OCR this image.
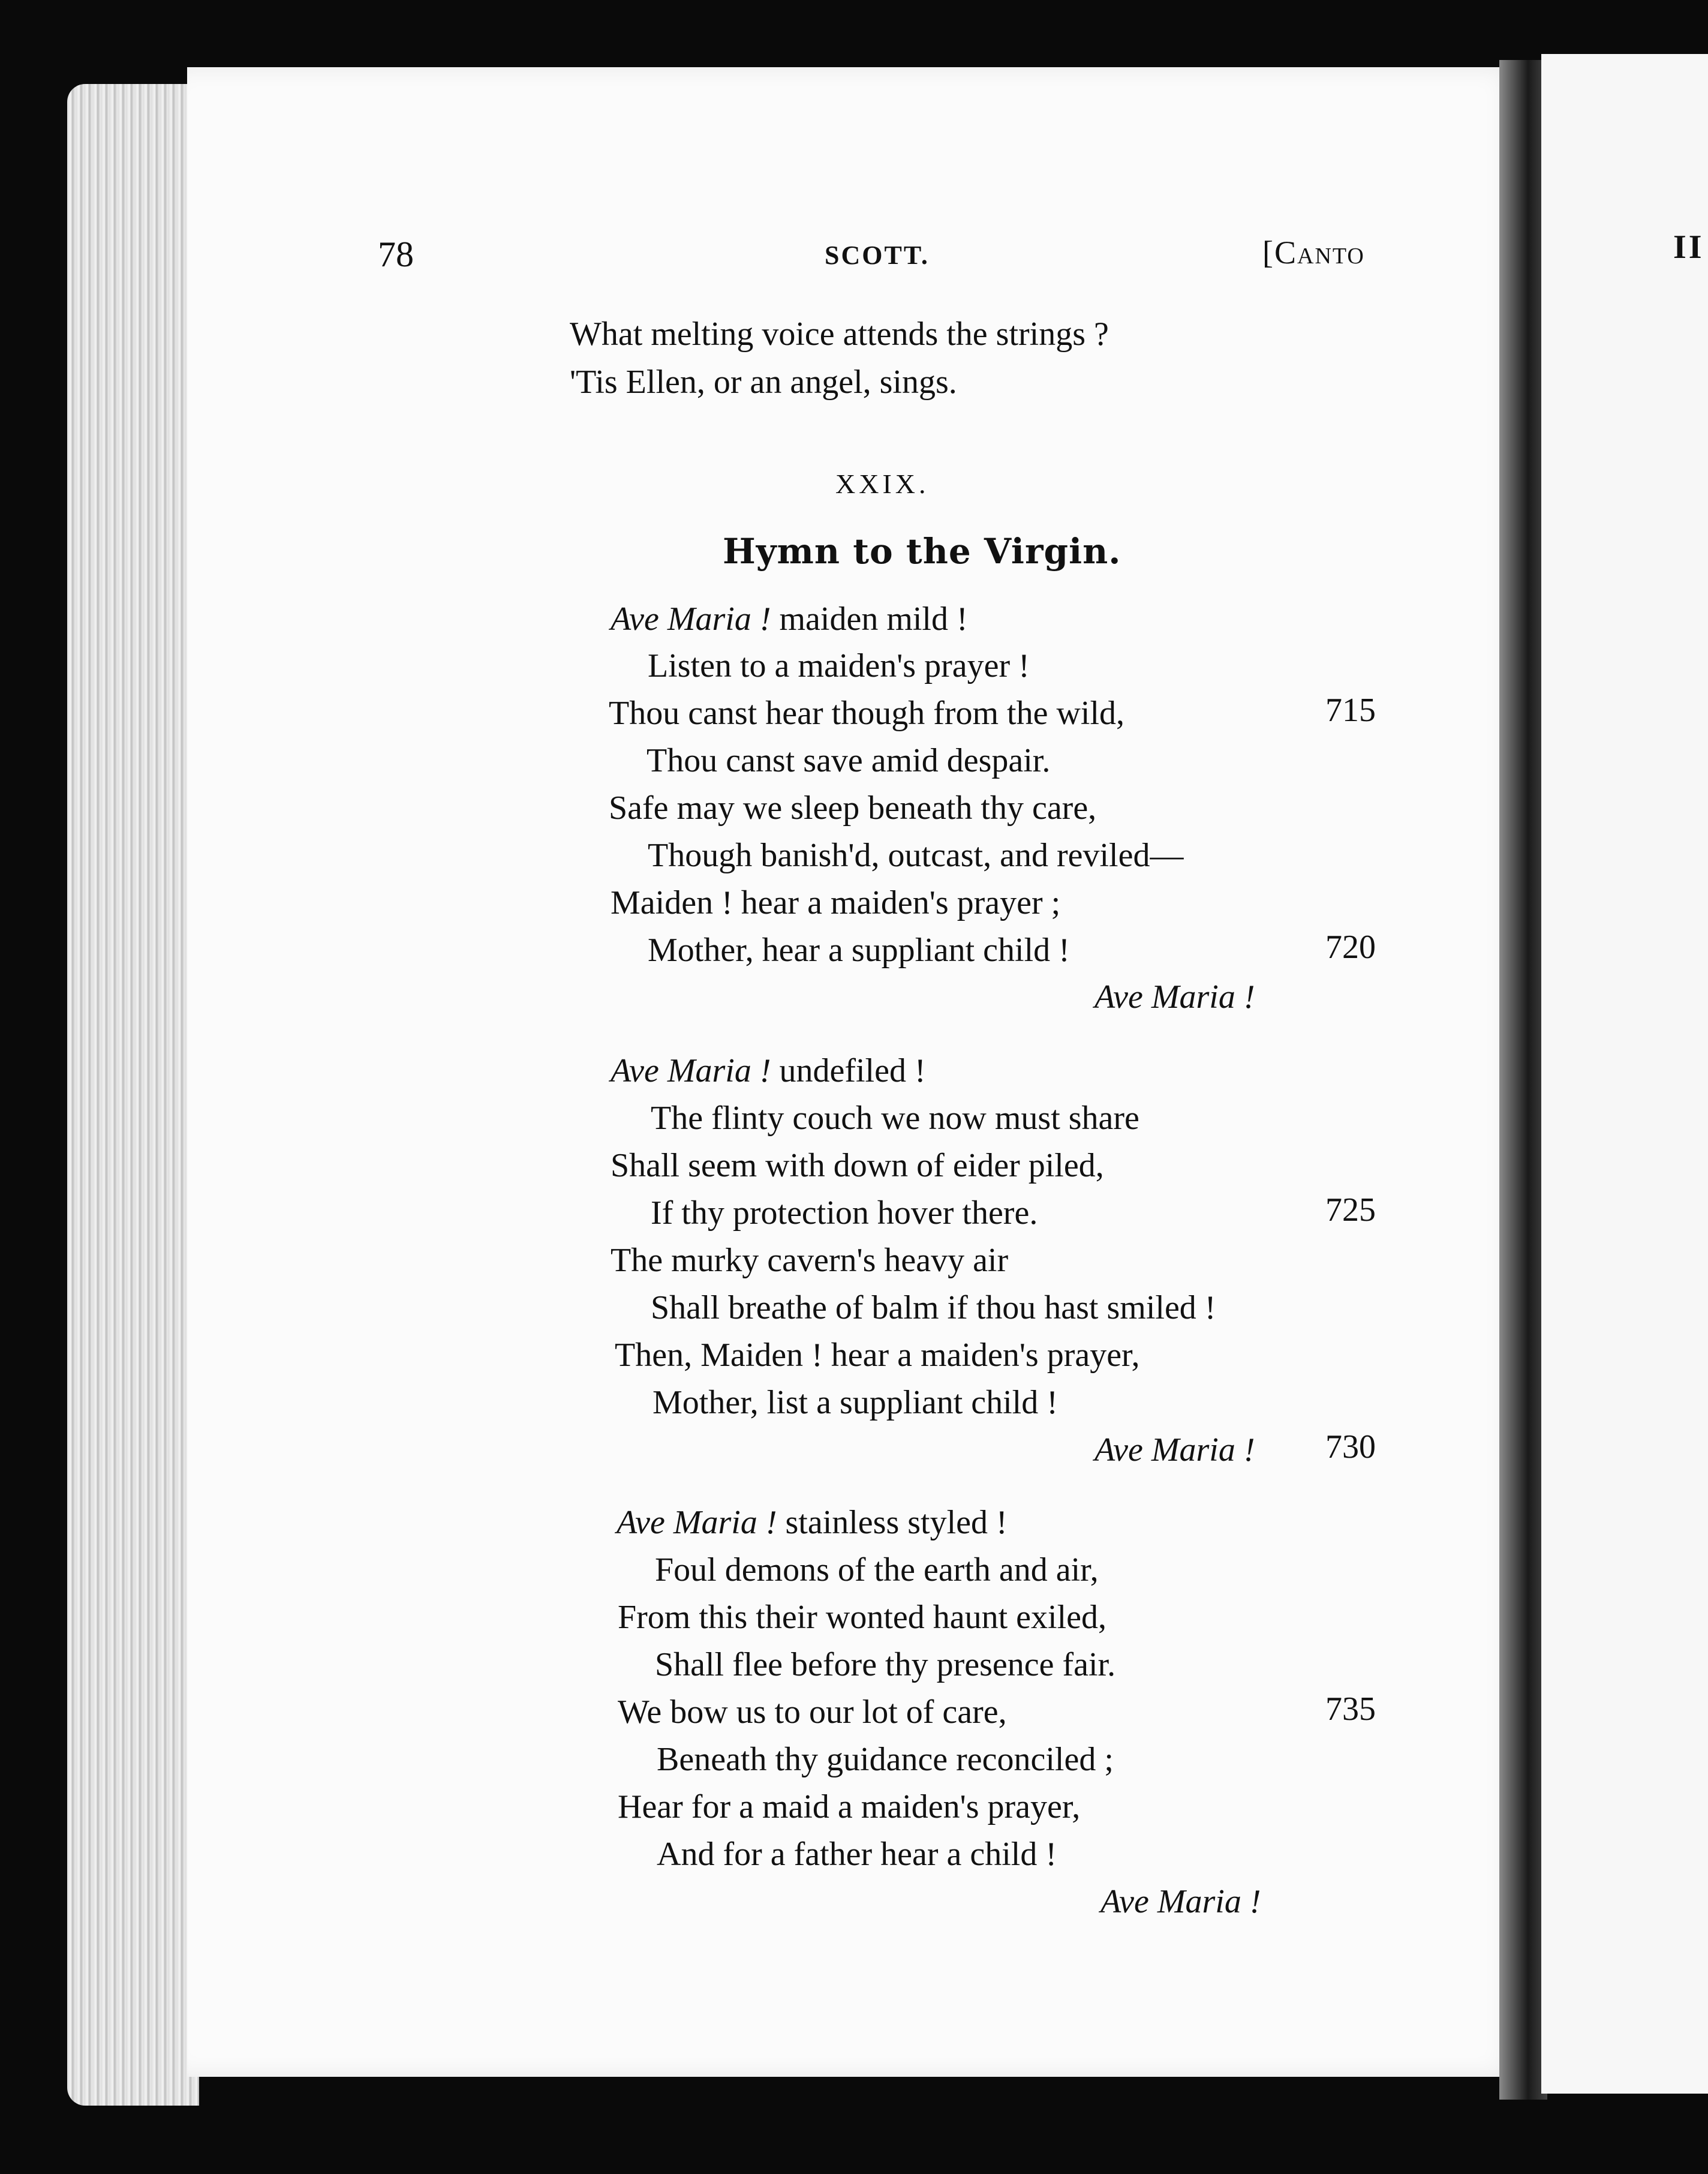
II
78	SCOTT.	[Canto
What melting voice attends the strings ?
'Tis Ellen, or an angel, sings.
XXIX.
Hymn to the Virgin.
Ave Maria ! maiden mild !
Listen to a maiden's prayer !
Thou canst hear though from the wild,	715
Thou canst save amid despair.
Safe may we sleep beneath thy care,
Though banish'd, outcast, and reviled—
Maiden ! hear a maiden's prayer ;
Mother, hear a suppliant child !	720
Ave Maria !
Ave Maria ! undefiled !
The flinty couch we now must share
Shall seem with down of eider piled,
If thy protection hover there.	725
The murky cavern's heavy air
Shall breathe of balm if thou hast smiled !
Then, Maiden ! hear a maiden's prayer,
Mother, list a suppliant child !
Ave Maria ! 730
Ave Maria ! stainless styled !
Foul demons of the earth and air,
From this their wonted haunt exiled,
Shall flee before thy presence fair.
We bow us to our lot of care,	735
Beneath thy guidance reconciled ;
Hear for a maid a maiden's prayer,
And for a father hear a child !
Ave Maria !
